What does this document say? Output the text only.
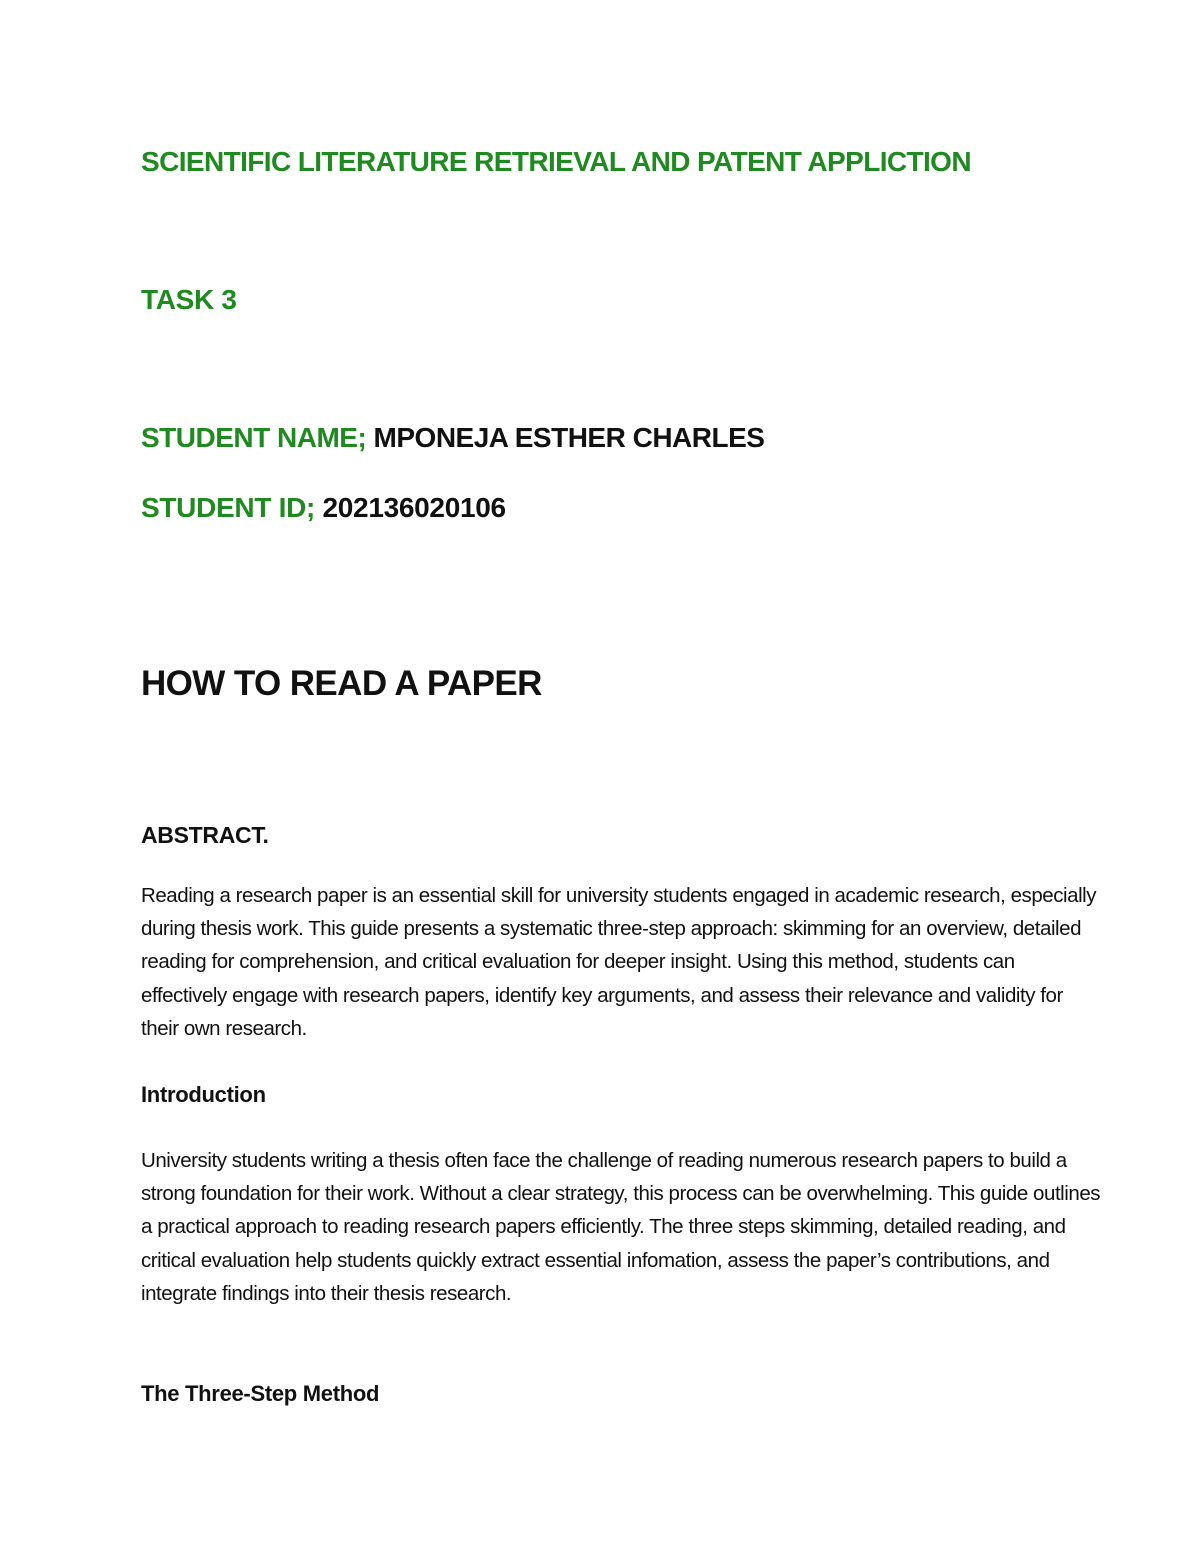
SCIENTIFIC LITERATURE RETRIEVAL AND PATENT APPLICTION
TASK 3
STUDENT NAME; MPONEJA ESTHER CHARLES
STUDENT ID; 202136020106
HOW TO READ A PAPER
ABSTRACT.

Reading a research paper is an essential skill for university students engaged in academic research, especially during thesis work. This guide presents a systematic three-step approach: skimming for an overview, detailed reading for comprehension, and critical evaluation for deeper insight. Using this method, students can effectively engage with research papers, identify key arguments, and assess their relevance and validity for their own research.

Introduction

University students writing a thesis often face the challenge of reading numerous research papers to build a strong foundation for their work. Without a clear strategy, this process can be overwhelming. This guide outlines a practical approach to reading research papers efficiently. The three steps skimming, detailed reading, and critical evaluation help students quickly extract essential infomation, assess the paper’s contributions, and integrate findings into their thesis research.

The Three-Step Method
